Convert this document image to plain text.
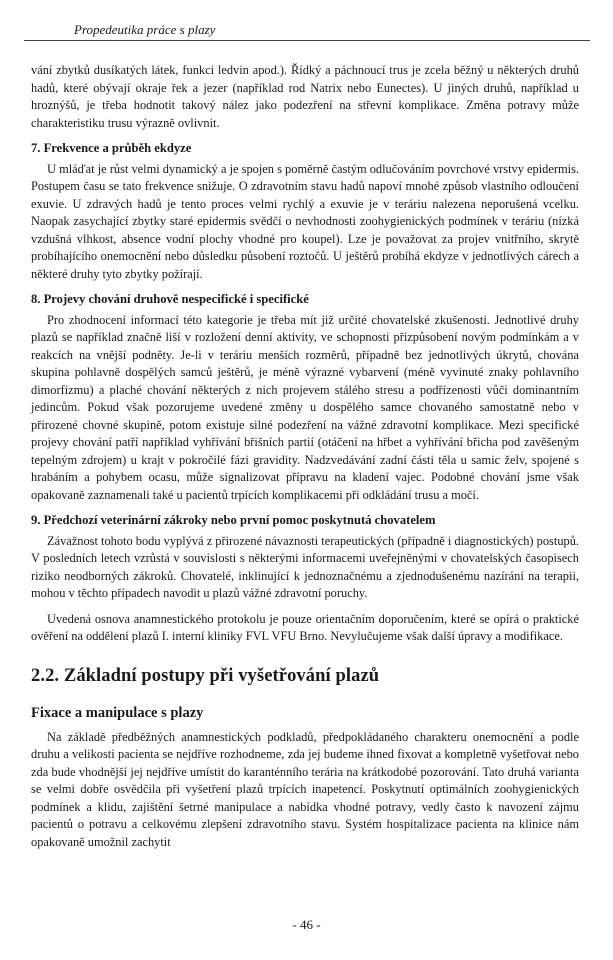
Propedeutika práce s plazy

vání zbytků dusíkatých látek, funkci ledvin apod.). Řídký a páchnoucí trus je zcela běžný u některých druhů hadů, které obývají okraje řek a jezer (například rod Natrix nebo Eunectes). U jiných druhů, například u hroznýšů, je třeba hodnotit takový nález jako podezření na střevní komplikace. Změna potravy může charakteristiku trusu výrazně ovlivnit.

7. Frekvence a průběh ekdyze

U mláďat je růst velmi dynamický a je spojen s poměrně častým odlučováním povrchové vrstvy epidermis. Postupem času se tato frekvence snižuje. O zdravotním stavu hadů napoví mnohé způsob vlastního odloučení exuvie. U zdravých hadů je tento proces velmi rychlý a exuvie je v teráriu nalezena neporušená vcelku. Naopak zasychající zbytky staré epidermis svědčí o nevhodnosti zoohygienických podmínek v teráriu (nízká vzdušná vlhkost, absence vodní plochy vhodné pro koupel). Lze je považovat za projev vnitřního, skrytě probíhajícího onemocnění nebo důsledku působení roztočů. U ještěrů probíhá ekdyze v jednotlivých cárech a některé druhy tyto zbytky požírají.

8. Projevy chování druhově nespecifické i specifické

Pro zhodnocení informací této kategorie je třeba mít již určité chovatelské zkušenosti. Jednotlivé druhy plazů se například značně liší v rozložení denní aktivity, ve schopnosti přizpůsobení novým podmínkám a v reakcích na vnější podněty. Je-li v teráriu menších rozměrů, případně bez jednotlivých úkrytů, chována skupina pohlavně dospělých samců ještěrů, je méně výrazné vybarvení (méně vyvinuté znaky pohlavního dimorfizmu) a plaché chování některých z nich projevem stálého stresu a podřízenosti vůči dominantním jedincům. Pokud však pozorujeme uvedené změny u dospělého samce chovaného samostatně nebo v přirozené chovné skupině, potom existuje silné podezření na vážné zdravotní komplikace. Mezi specifické projevy chování patří například vyhřívání břišních partií (otáčení na hřbet a vyhřívání břicha pod zavěšeným tepelným zdrojem) u krajt v pokročilé fázi gravidity. Nadzvedávání zadní části těla u samic želv, spojené s hrabáním a pohybem ocasu, může signalizovat přípravu na kladení vajec. Podobné chování jsme však opakovaně zaznamenali také u pacientů trpících komplikacemi při odkládání trusu a močí.

9. Předchozí veterinární zákroky nebo první pomoc poskytnutá chovatelem

Závažnost tohoto bodu vyplývá z přirozené návaznosti terapeutických (případně i diagnostických) postupů. V posledních letech vzrůstá v souvislosti s některými informacemi uveřejněnými v chovatelských časopisech riziko neodborných zákroků. Chovatelé, inklinující k jednoznačnému a zjednodušenému nazírání na terapii, mohou v těchto případech navodit u plazů vážné zdravotní poruchy.

Uvedená osnova anamnestického protokolu je pouze orientačním doporučením, které se opírá o praktické ověření na oddělení plazů I. interní kliniky FVL VFU Brno. Nevylučujeme však další úpravy a modifikace.

2.2. Základní postupy při vyšetřování plazů
Fixace a manipulace s plazy

Na základě předběžných anamnestických podkladů, předpokládaného charakteru onemocnění a podle druhu a velikosti pacienta se nejdříve rozhodneme, zda jej budeme ihned fixovat a kompletně vyšetřovat nebo zda bude vhodnější jej nejdříve umístit do karanténního terária na krátkodobé pozorování. Tato druhá varianta se velmi dobře osvědčila při vyšetření plazů trpících inapetencí. Poskytnutí optimálních zoohygienických podmínek a klidu, zajištění šetrné manipulace a nabídka vhodné potravy, vedly často k navození zájmu pacientů o potravu a celkovému zlepšení zdravotního stavu. Systém hospitalizace pacienta na klinice nám opakovaně umožnil zachytit

- 46 -
